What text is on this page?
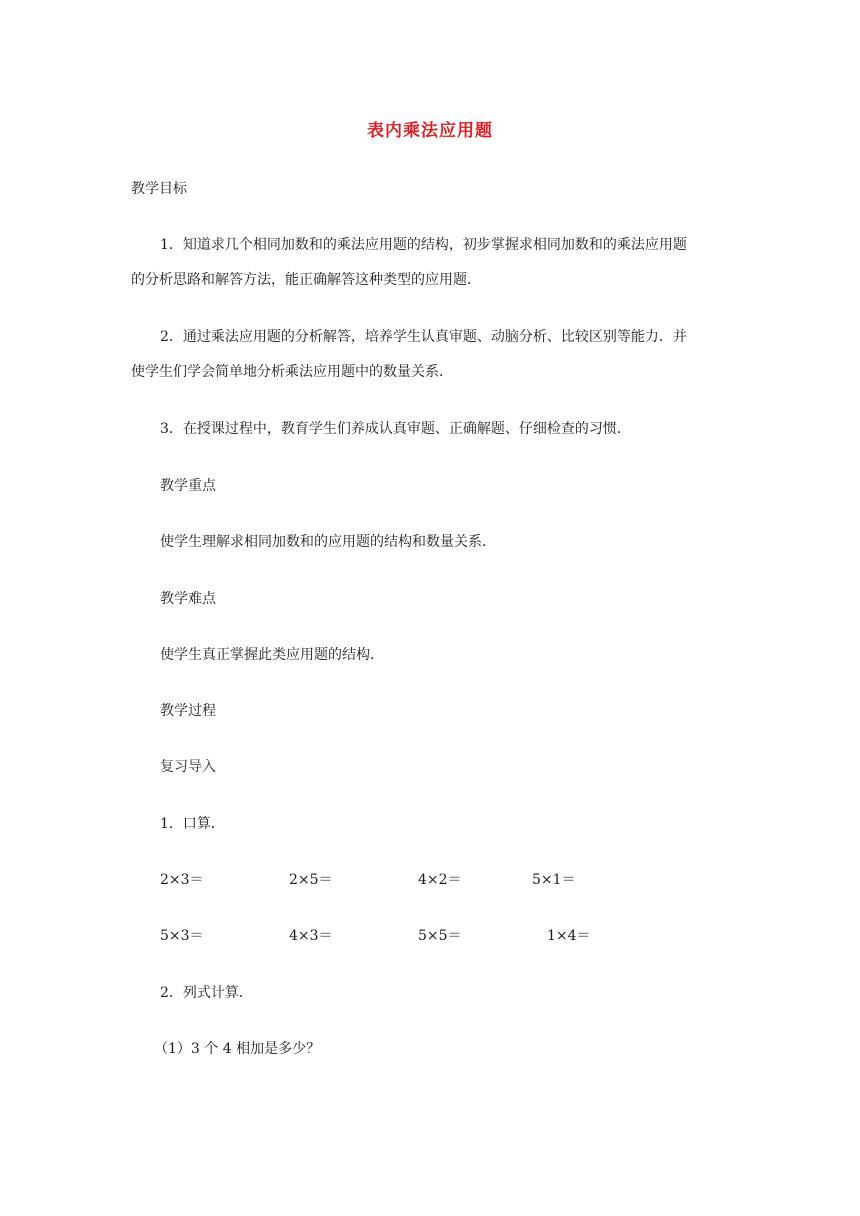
表内乘法应用题
教学目标
1．知道求几个相同加数和的乘法应用题的结构，初步掌握求相同加数和的乘法应用题
的分析思路和解答方法，能正确解答这种类型的应用题．
2．通过乘法应用题的分析解答，培养学生认真审题、动脑分析、比较区别等能力．并
使学生们学会简单地分析乘法应用题中的数量关系．
3．在授课过程中，教育学生们养成认真审题、正确解题、仔细检查的习惯．
教学重点
使学生理解求相同加数和的应用题的结构和数量关系．
教学难点
使学生真正掌握此类应用题的结构．
教学过程
复习导入
1．口算．
2×3＝	2×5＝	4×2＝	5×1＝
5×3＝	4×3＝	5×5＝	1×4＝
2．列式计算．
（1）3 个 4 相加是多少？
